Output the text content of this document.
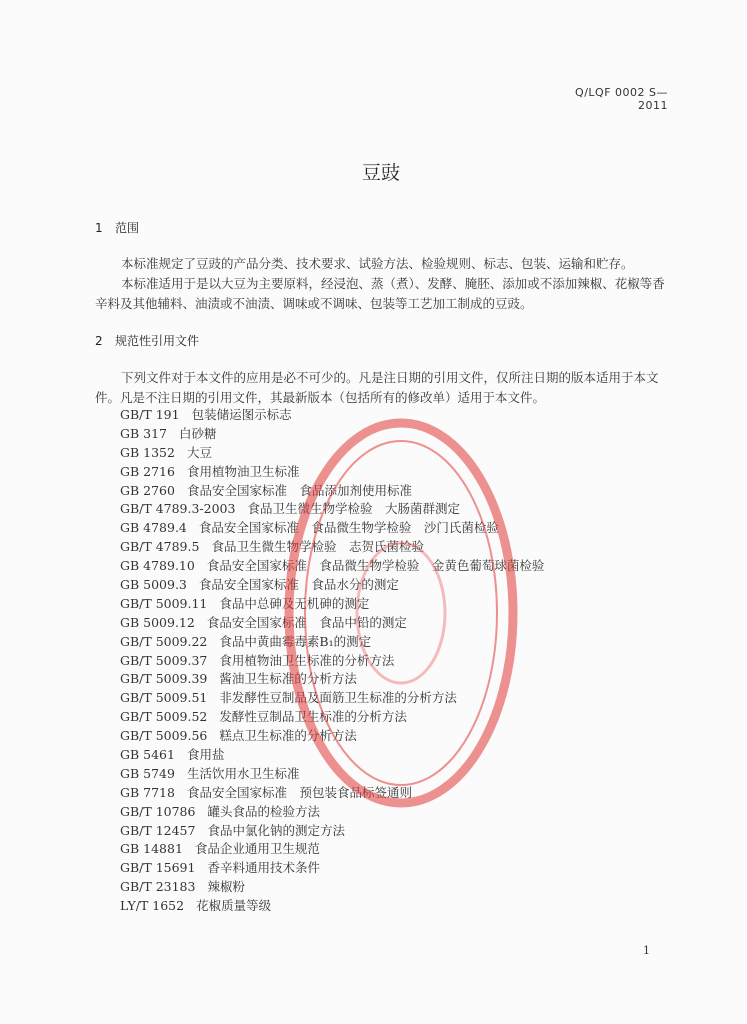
Q/LQF 0002 S—2011
豆豉
1 范围

本标准规定了豆豉的产品分类、技术要求、试验方法、检验规则、标志、包装、运输和贮存。

本标准适用于是以大豆为主要原料，经浸泡、蒸（煮）、发酵、腌胚、添加或不添加辣椒、花椒等香辛料及其他辅料、油渍或不油渍、调味或不调味、包装等工艺加工制成的豆豉。

2 规范性引用文件

下列文件对于本文件的应用是必不可少的。凡是注日期的引用文件，仅所注日期的版本适用于本文件。凡是不注日期的引用文件，其最新版本（包括所有的修改单）适用于本文件。

GB/T 191 包装储运图示标志
GB 317 白砂糖
GB 1352 大豆
GB 2716 食用植物油卫生标准
GB 2760 食品安全国家标准　食品添加剂使用标准
GB/T 4789.3-2003 食品卫生微生物学检验　大肠菌群测定
GB 4789.4 食品安全国家标准　食品微生物学检验　沙门氏菌检验
GB/T 4789.5 食品卫生微生物学检验　志贺氏菌检验
GB 4789.10 食品安全国家标准　食品微生物学检验　金黄色葡萄球菌检验
GB 5009.3 食品安全国家标准　食品水分的测定
GB/T 5009.11 食品中总砷及无机砷的测定
GB 5009.12 食品安全国家标准　食品中铅的测定
GB/T 5009.22 食品中黄曲霉毒素B₁的测定
GB/T 5009.37 食用植物油卫生标准的分析方法
GB/T 5009.39 酱油卫生标准的分析方法
GB/T 5009.51 非发酵性豆制品及面筋卫生标准的分析方法
GB/T 5009.52 发酵性豆制品卫生标准的分析方法
GB/T 5009.56 糕点卫生标准的分析方法
GB 5461 食用盐
GB 5749 生活饮用水卫生标准
GB 7718 食品安全国家标准　预包装食品标签通则
GB/T 10786 罐头食品的检验方法
GB/T 12457 食品中氯化钠的测定方法
GB 14881 食品企业通用卫生规范
GB/T 15691 香辛料通用技术条件
GB/T 23183 辣椒粉
LY/T 1652 花椒质量等级
1
